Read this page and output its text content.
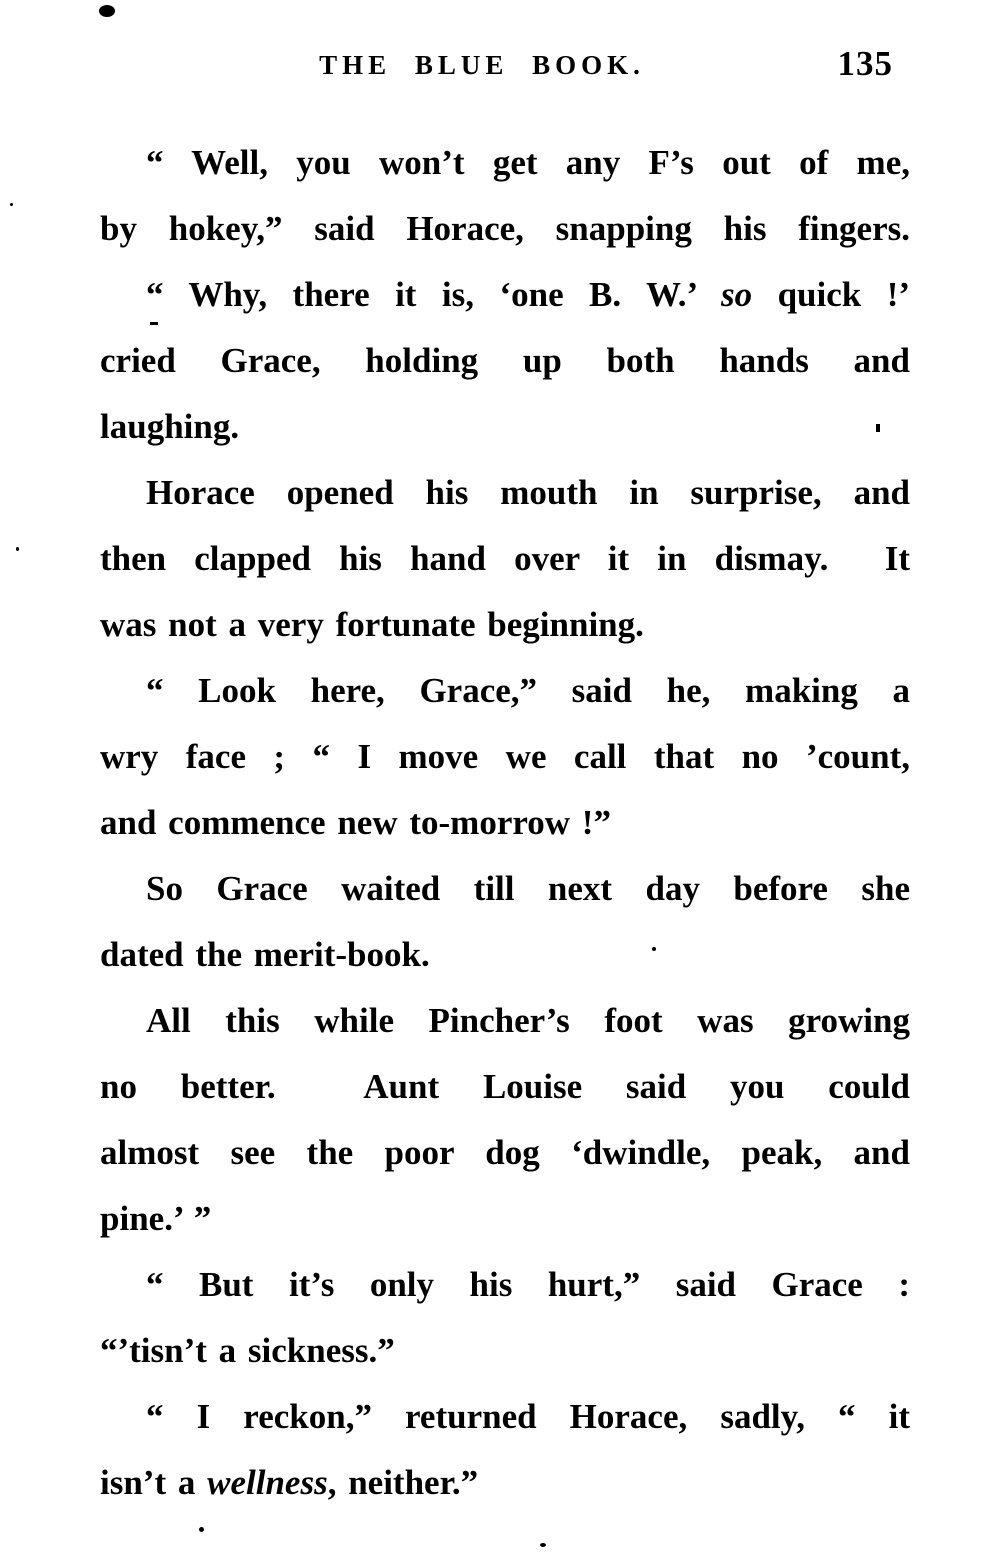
THE BLUE BOOK.	135
“ Well, you won’t get any F’s out of me,
by hokey,” said Horace, snapping his fingers.
“ Why, there it is, ‘one B. W.’ so quick !’
cried Grace, holding up both hands and
laughing.
Horace opened his mouth in surprise, and
then clapped his hand over it in dismay.  It
was not a very fortunate beginning.
“ Look here, Grace,” said he, making a
wry face ; “ I move we call that no ’count,
and commence new to-morrow !”
So Grace waited till next day before she
dated the merit-book.
All this while Pincher’s foot was growing
no better.  Aunt Louise said you could
almost see the poor dog ‘dwindle, peak, and
pine.’ ”
“ But it’s only his hurt,” said Grace :
“’tisn’t a sickness.”
“ I reckon,” returned Horace, sadly, “ it
isn’t a wellness, neither.”
